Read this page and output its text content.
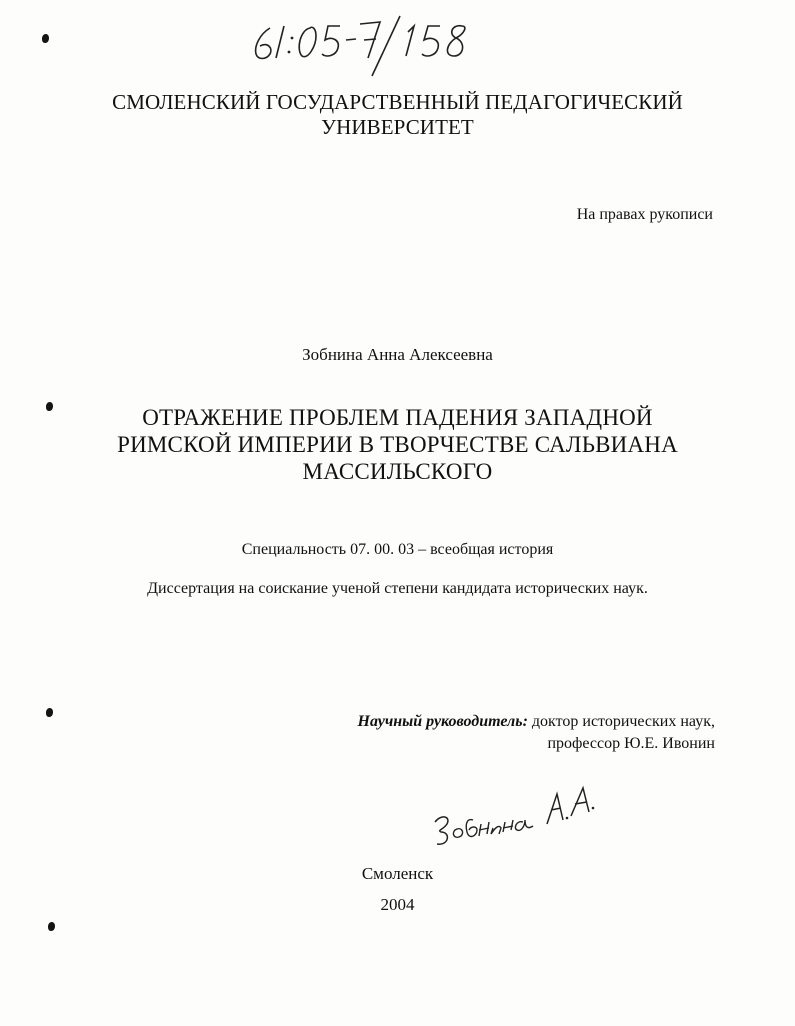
СМОЛЕНСКИЙ ГОСУДАРСТВЕННЫЙ ПЕДАГОГИЧЕСКИЙ
УНИВЕРСИТЕТ
На правах рукописи
Зобнина Анна Алексеевна
ОТРАЖЕНИЕ ПРОБЛЕМ ПАДЕНИЯ ЗАПАДНОЙ
РИМСКОЙ ИМПЕРИИ В ТВОРЧЕСТВЕ САЛЬВИАНА
МАССИЛЬСКОГО
Специальность 07. 00. 03 – всеобщая история
Диссертация на соискание ученой степени кандидата исторических наук.
Научный руководитель: доктор исторических наук,
профессор Ю.Е. Ивонин
Смоленск
2004
